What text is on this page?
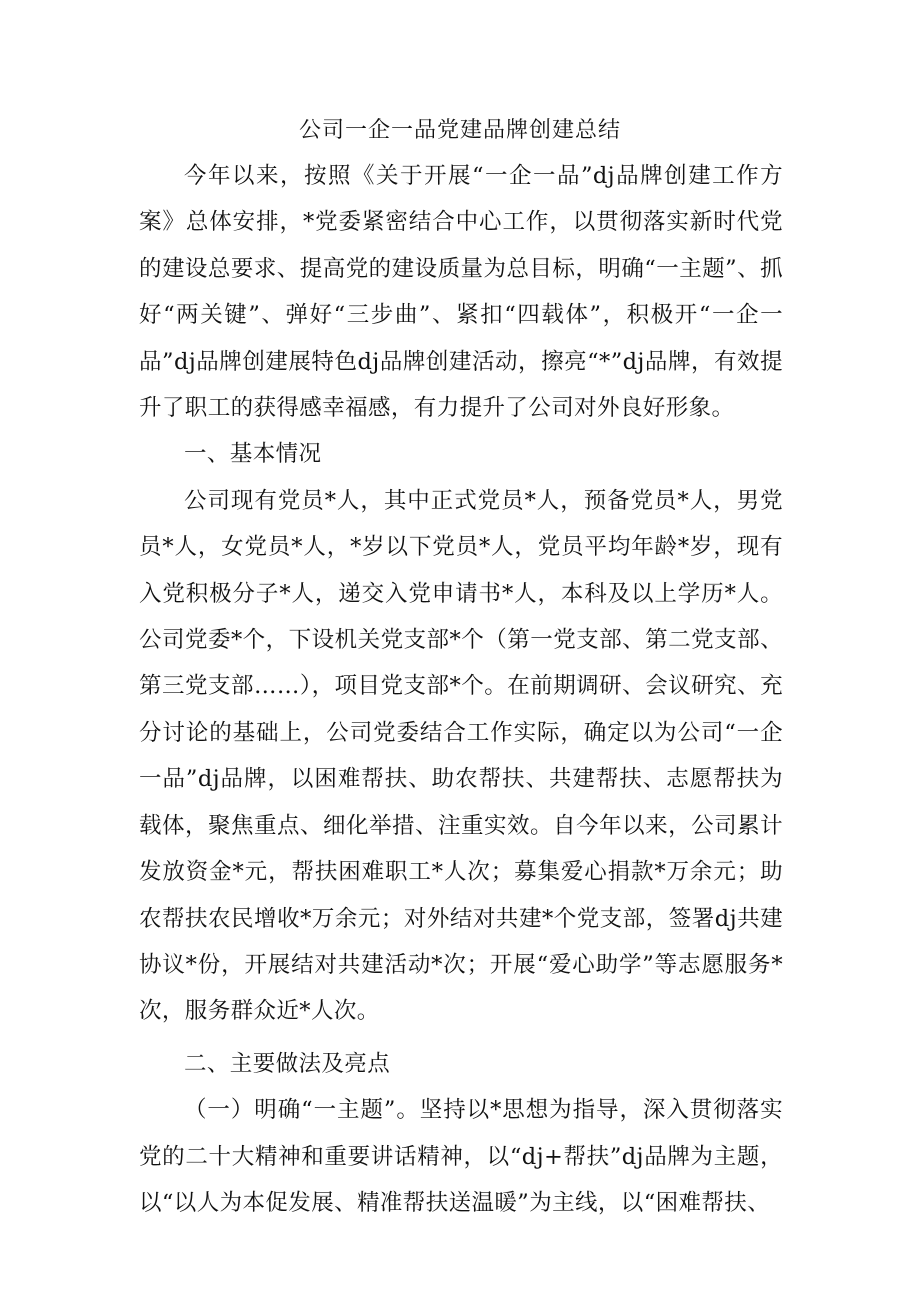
公司一企一品党建品牌创建总结

今年以来，按照《关于开展“一企一品”dj品牌创建工作方案》总体安排，*党委紧密结合中心工作，以贯彻落实新时代党的建设总要求、提高党的建设质量为总目标，明确“一主题”、抓好“两关键”、弹好“三步曲”、紧扣“四载体”，积极开“一企一品”dj品牌创建展特色dj品牌创建活动，擦亮“*”dj品牌，有效提升了职工的获得感幸福感，有力提升了公司对外良好形象。

一、基本情况

公司现有党员*人，其中正式党员*人，预备党员*人，男党员*人，女党员*人，*岁以下党员*人，党员平均年龄*岁，现有入党积极分子*人，递交入党申请书*人，本科及以上学历*人。公司党委*个，下设机关党支部*个（第一党支部、第二党支部、第三党支部……），项目党支部*个。在前期调研、会议研究、充分讨论的基础上，公司党委结合工作实际，确定以为公司“一企一品”dj品牌，以困难帮扶、助农帮扶、共建帮扶、志愿帮扶为载体，聚焦重点、细化举措、注重实效。自今年以来，公司累计发放资金*元，帮扶困难职工*人次；募集爱心捐款*万余元；助农帮扶农民增收*万余元；对外结对共建*个党支部，签署dj共建协议*份，开展结对共建活动*次；开展“爱心助学”等志愿服务*次，服务群众近*人次。

二、主要做法及亮点

（一）明确“一主题”。坚持以*思想为指导，深入贯彻落实党的二十大精神和重要讲话精神，以“dj+帮扶”dj品牌为主题，以“以人为本促发展、精准帮扶送温暖”为主线，以“困难帮扶、
